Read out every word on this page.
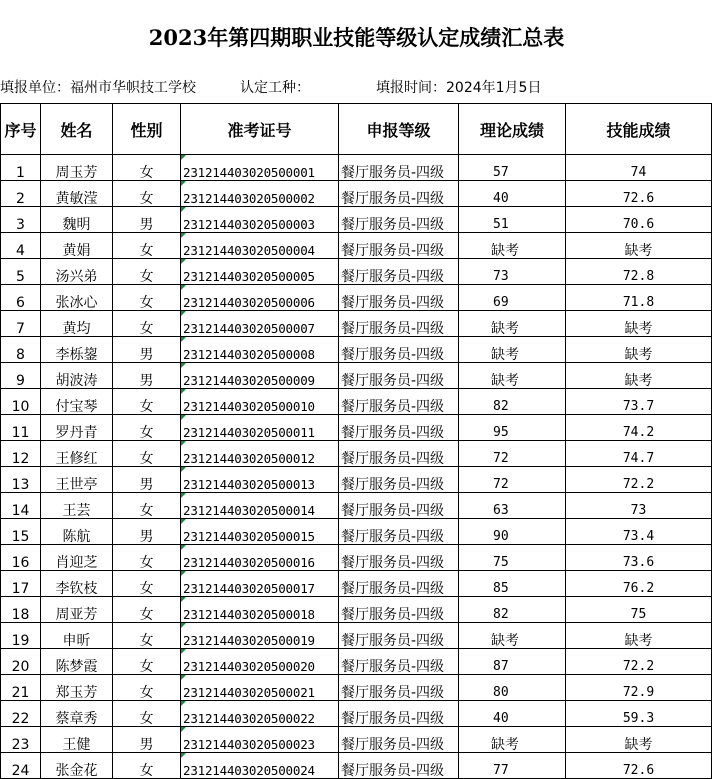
2023年第四期职业技能等级认定成绩汇总表
填报单位：福州市华帜技工学校	认定工种：	填报时间：2024年1月5日
序号	姓名	性别	准考证号	申报等级	理论成绩	技能成绩
1	周玉芳	女	231214403020500001	餐厅服务员-四级	57	74
2	黄敏滢	女	231214403020500002	餐厅服务员-四级	40	72.6
3	魏明	男	231214403020500003	餐厅服务员-四级	51	70.6
4	黄娟	女	231214403020500004	餐厅服务员-四级	缺考	缺考
5	汤兴弟	女	231214403020500005	餐厅服务员-四级	73	72.8
6	张冰心	女	231214403020500006	餐厅服务员-四级	69	71.8
7	黄均	女	231214403020500007	餐厅服务员-四级	缺考	缺考
8	李栎鋆	男	231214403020500008	餐厅服务员-四级	缺考	缺考
9	胡波涛	男	231214403020500009	餐厅服务员-四级	缺考	缺考
10	付宝琴	女	231214403020500010	餐厅服务员-四级	82	73.7
11	罗丹青	女	231214403020500011	餐厅服务员-四级	95	74.2
12	王修红	女	231214403020500012	餐厅服务员-四级	72	74.7
13	王世亭	男	231214403020500013	餐厅服务员-四级	72	72.2
14	王芸	女	231214403020500014	餐厅服务员-四级	63	73
15	陈航	男	231214403020500015	餐厅服务员-四级	90	73.4
16	肖迎芝	女	231214403020500016	餐厅服务员-四级	75	73.6
17	李钦枝	女	231214403020500017	餐厅服务员-四级	85	76.2
18	周亚芳	女	231214403020500018	餐厅服务员-四级	82	75
19	申昕	女	231214403020500019	餐厅服务员-四级	缺考	缺考
20	陈梦霞	女	231214403020500020	餐厅服务员-四级	87	72.2
21	郑玉芳	女	231214403020500021	餐厅服务员-四级	80	72.9
22	蔡章秀	女	231214403020500022	餐厅服务员-四级	40	59.3
23	王健	男	231214403020500023	餐厅服务员-四级	缺考	缺考
24	张金花	女	231214403020500024	餐厅服务员-四级	77	72.6
